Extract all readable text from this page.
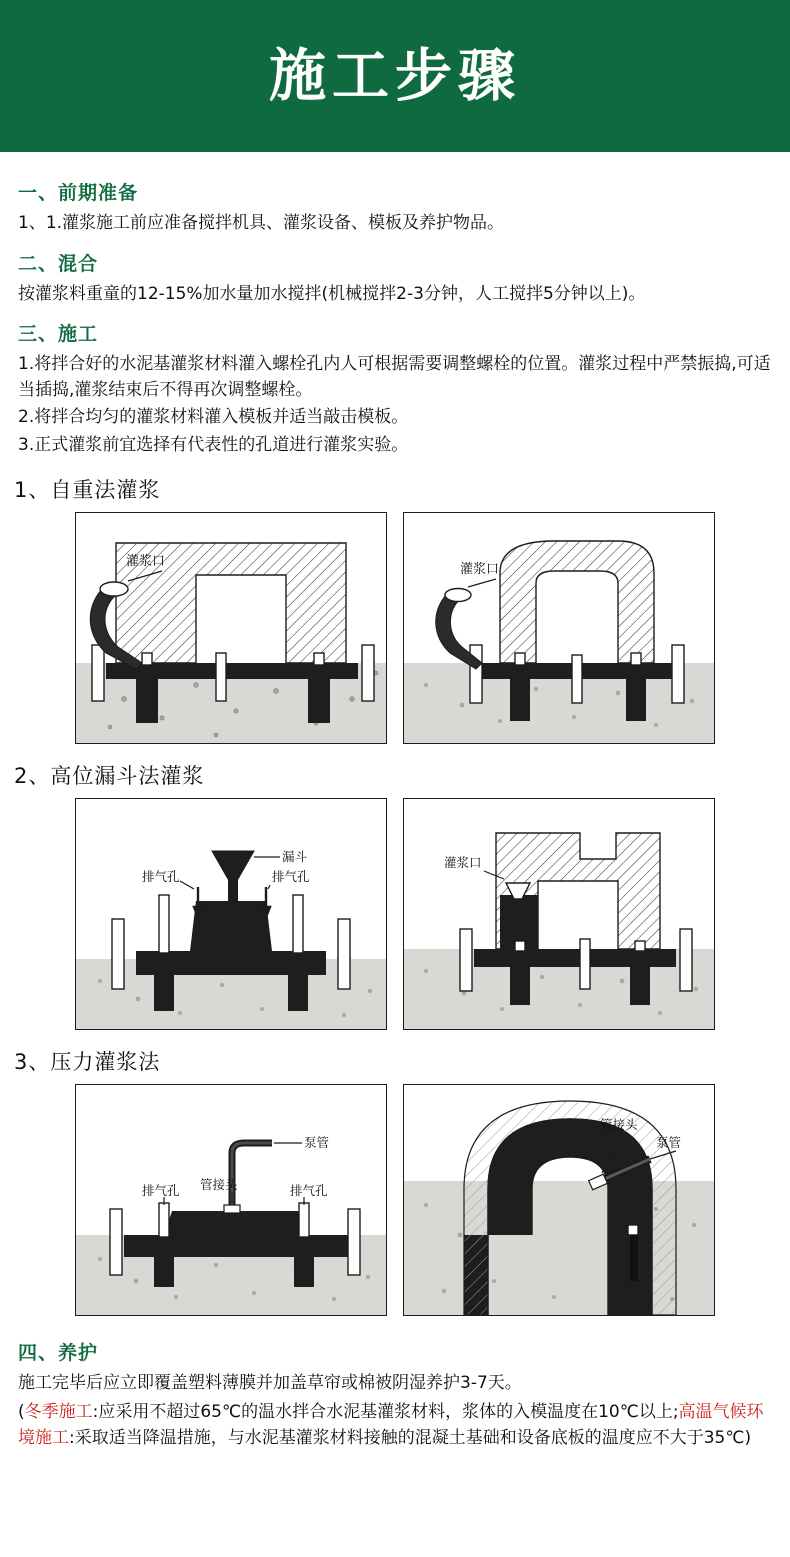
施工步骤
一、前期准备

1、1.灌浆施工前应准备搅拌机具、灌浆设备、模板及养护物品。

二、混合

按灌浆料重童的12-15%加水量加水搅拌(机械搅拌2-3分钟，人工搅拌5分钟以上)。

三、施工

1.将拌合好的水泥基灌浆材料灌入螺栓孔内人可根据需要调整螺栓的位置。灌浆过程中严禁振捣,可适当插捣,灌浆结束后不得再次调整螺栓。

2.将拌合均匀的灌浆材料灌入模板并适当敲击模板。

3.正式灌浆前宜选择有代表性的孔道进行灌浆实验。

1、自重法灌浆
灌浆口
灌浆口
2、高位漏斗法灌浆
漏斗
排气孔	排气孔
灌浆口
3、压力灌浆法
泵管
管接头
排气孔	排气孔
泵管
管接头
四、养护

施工完毕后应立即覆盖塑料薄膜并加盖草帘或棉被阴湿养护3-7天。

(冬季施工:应采用不超过65℃的温水拌合水泥基灌浆材料，浆体的入模温度在10℃以上;高温气候环境施工:采取适当降温措施，与水泥基灌浆材料接触的混凝土基础和设备底板的温度应不大于35℃)
